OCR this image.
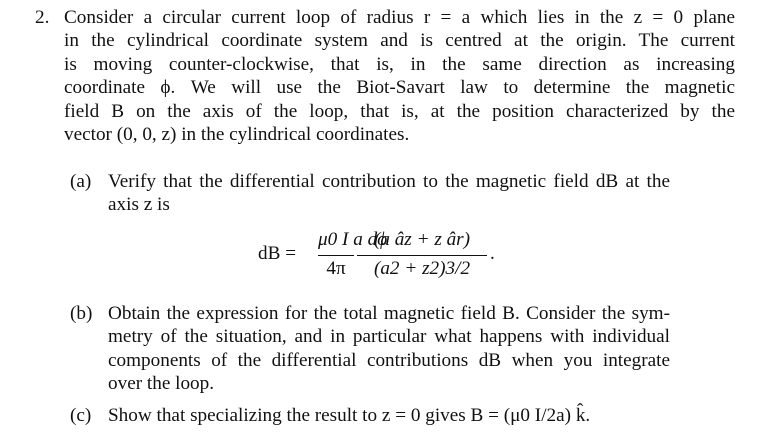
2. Consider a circular current loop of radius r = a which lies in the z = 0 plane
in the cylindrical coordinate system and is centred at the origin. The current
is moving counter-clockwise, that is, in the same direction as increasing
coordinate ϕ. We will use the Biot-Savart law to determine the magnetic
field B on the axis of the loop, that is, at the position characterized by the
vector (0, 0, z) in the cylindrical coordinates.
(a) Verify that the differential contribution to the magnetic field dB at the
axis z is
(b) Obtain the expression for the total magnetic field B. Consider the sym-
metry of the situation, and in particular what happens with individual
components of the differential contributions dB when you integrate
over the loop.
(c) Show that specializing the result to z = 0 gives B = (μ0 I/2a) k̂.
dB =
μ0 I a dϕ
4π
(a âz + z âr)
(a2 + z2)3/2
.
